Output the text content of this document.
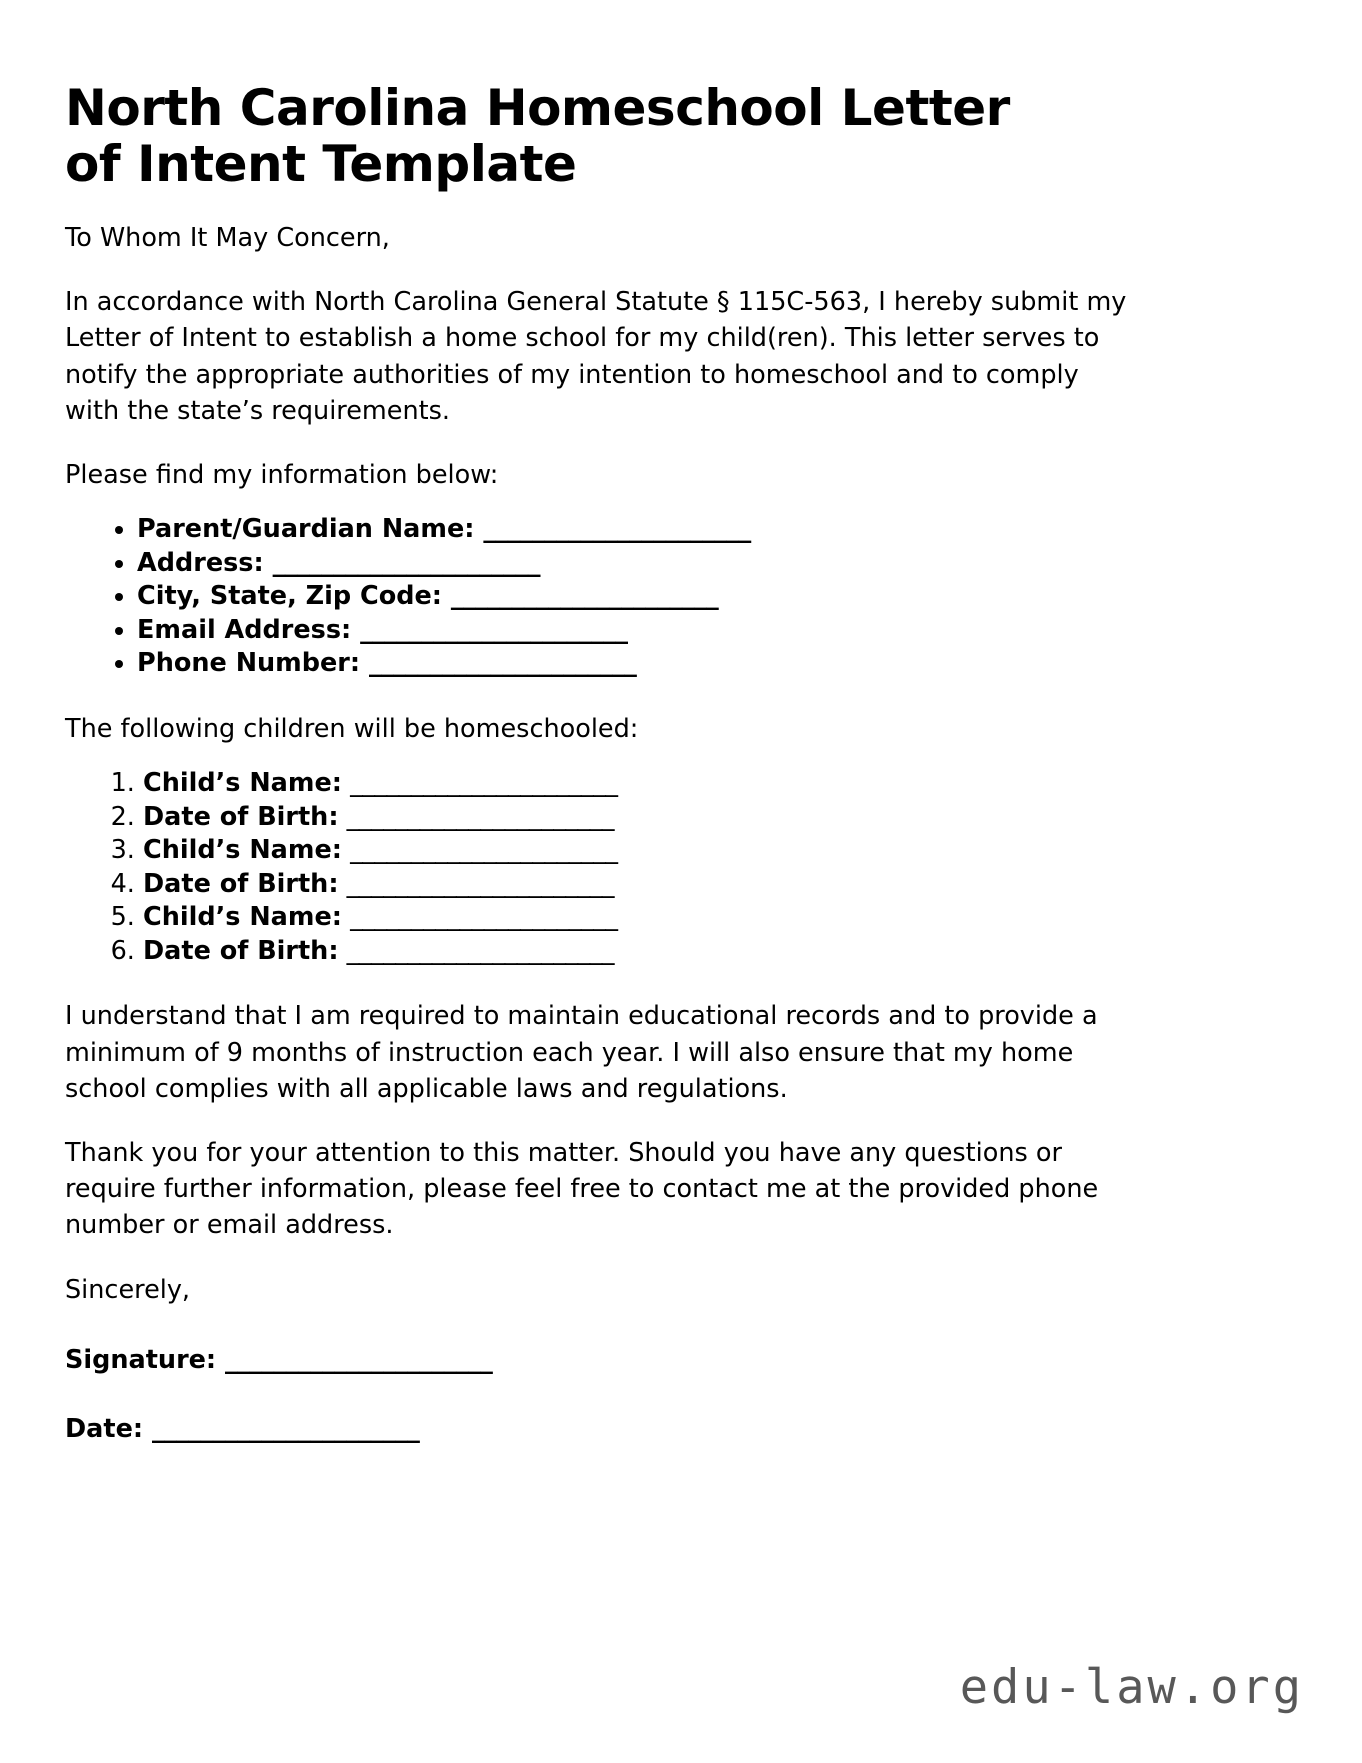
North Carolina Homeschool Letter of Intent Template

To Whom It May Concern,

In accordance with North Carolina General Statute § 115C-563, I hereby submit my Letter of Intent to establish a home school for my child(ren). This letter serves to notify the appropriate authorities of my intention to homeschool and to comply with the state’s requirements.

Please find my information below:

• Parent/Guardian Name: ______________________
• Address: ______________________
• City, State, Zip Code: ______________________
• Email Address: ______________________
• Phone Number: ______________________

The following children will be homeschooled:

1. Child’s Name: ______________________
2. Date of Birth: ______________________
3. Child’s Name: ______________________
4. Date of Birth: ______________________
5. Child’s Name: ______________________
6. Date of Birth: ______________________

I understand that I am required to maintain educational records and to provide a minimum of 9 months of instruction each year. I will also ensure that my home school complies with all applicable laws and regulations.

Thank you for your attention to this matter. Should you have any questions or require further information, please feel free to contact me at the provided phone number or email address.

Sincerely,

Signature: ______________________

Date: ______________________

edu-law.org
